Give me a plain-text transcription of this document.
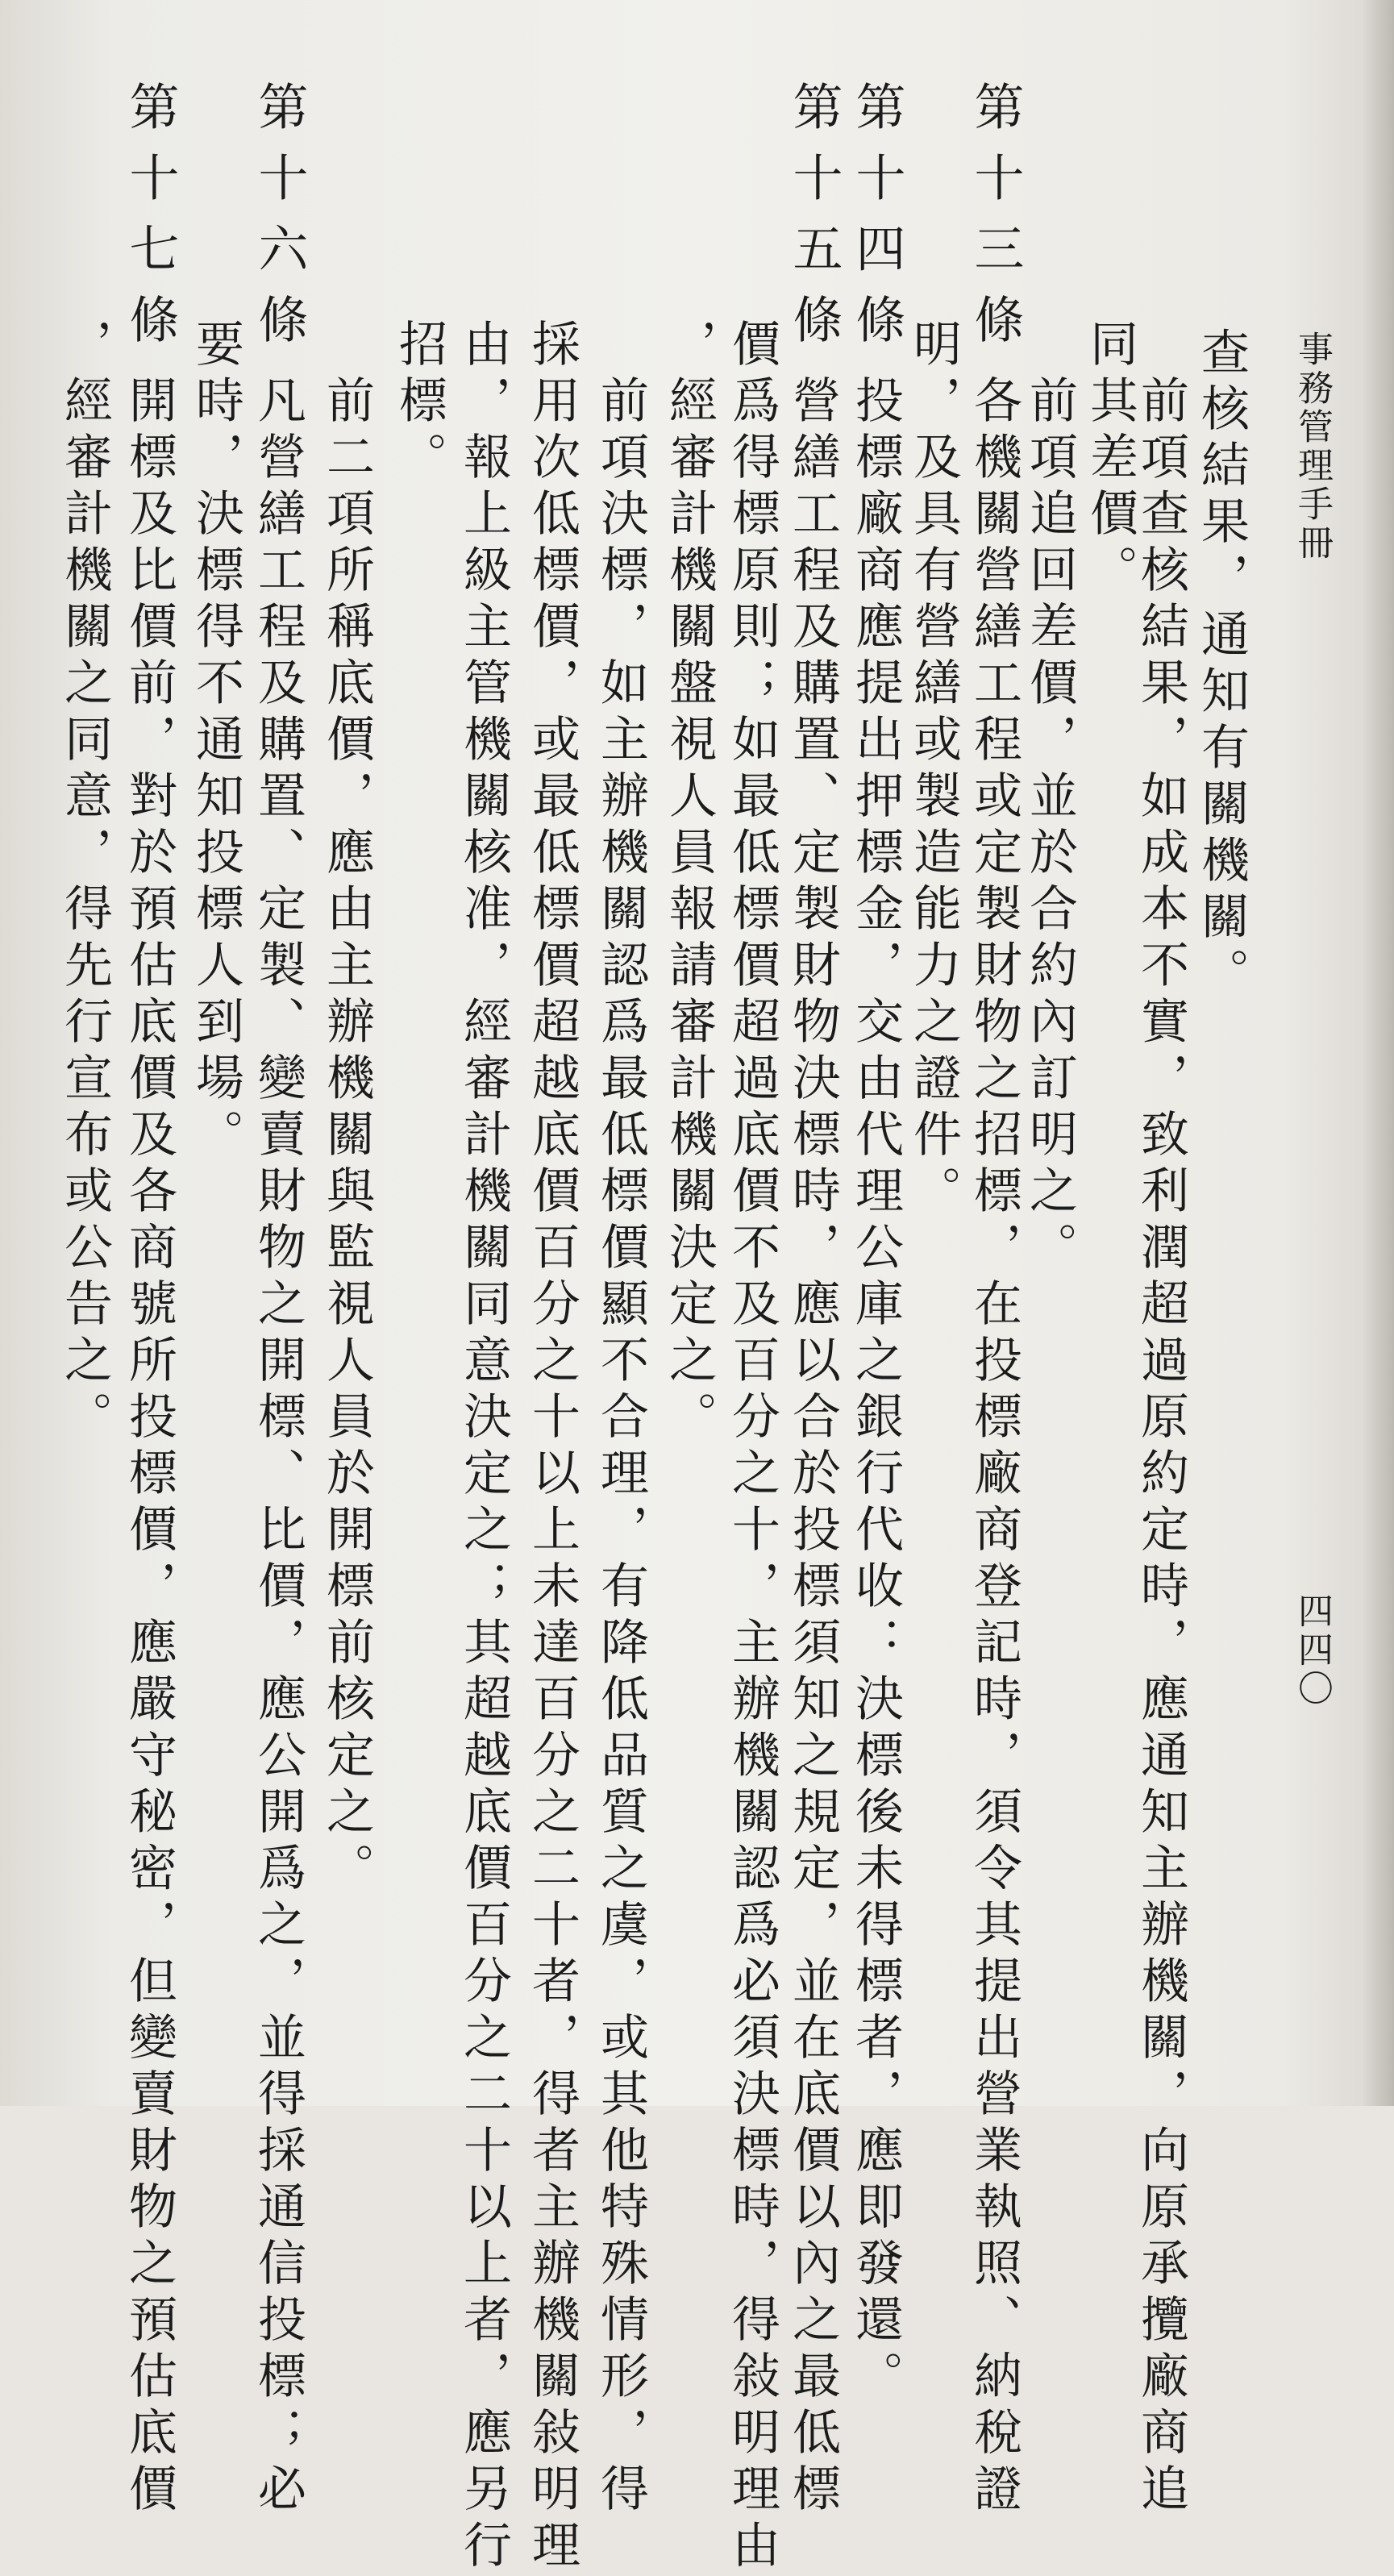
事務管理手冊
四四〇
查核結果，通知有關機關。
前項查核結果，如成本不實，致利潤超過原約定時，應通知主辦機關，向原承攬廠商追
同其差價。
前項追回差價，並於合約內訂明之。
第十三條
各機關營繕工程或定製財物之招標，在投標廠商登記時，須令其提出營業執照、納稅證
明，及具有營繕或製造能力之證件。
第十四條
投標廠商應提出押標金，交由代理公庫之銀行代收：決標後未得標者，應即發還。
第十五條
營繕工程及購置、定製財物決標時，應以合於投標須知之規定，並在底價以內之最低標
價爲得標原則；如最低標價超過底價不及百分之十，主辦機關認爲必須決標時，得敍明理由
，經審計機關盤視人員報請審計機關決定之。
前項決標，如主辦機關認爲最低標價顯不合理，有降低品質之虞，或其他特殊情形，得
採用次低標價，或最低標價超越底價百分之十以上未達百分之二十者，得者主辦機關敍明理
由，報上級主管機關核准，經審計機關同意決定之；其超越底價百分之二十以上者，應另行
招標。
前二項所稱底價，應由主辦機關與監視人員於開標前核定之。
第十六條
凡營繕工程及購置、定製、變賣財物之開標、比價，應公開爲之，並得採通信投標；必
要時，決標得不通知投標人到場。
第十七條
開標及比價前，對於預估底價及各商號所投標價，應嚴守秘密，但變賣財物之預估底價
，經審計機關之同意，得先行宣布或公告之。
